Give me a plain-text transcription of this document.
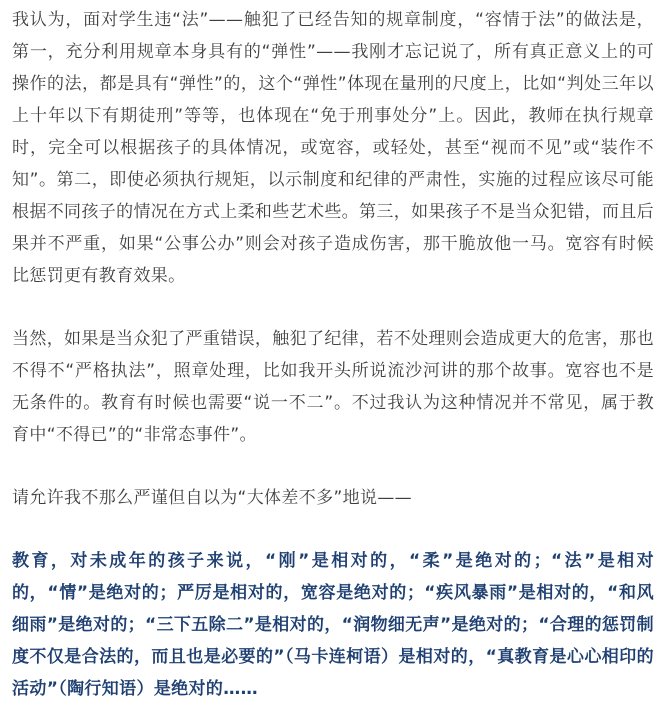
我认为，面对学生违“法”——触犯了已经告知的规章制度，“容情于法”的做法是，第一，充分利用规章本身具有的“弹性”——我刚才忘记说了，所有真正意义上的可操作的法，都是具有“弹性”的，这个“弹性”体现在量刑的尺度上，比如“判处三年以上十年以下有期徒刑”等等，也体现在“免于刑事处分”上。因此，教师在执行规章时，完全可以根据孩子的具体情况，或宽容，或轻处，甚至“视而不见”或“装作不知”。第二，即使必须执行规矩，以示制度和纪律的严肃性，实施的过程应该尽可能根据不同孩子的情况在方式上柔和些艺术些。第三，如果孩子不是当众犯错，而且后果并不严重，如果“公事公办”则会对孩子造成伤害，那干脆放他一马。宽容有时候比惩罚更有教育效果。

当然，如果是当众犯了严重错误，触犯了纪律，若不处理则会造成更大的危害，那也不得不“严格执法”，照章处理，比如我开头所说流沙河讲的那个故事。宽容也不是无条件的。教育有时候也需要“说一不二”。不过我认为这种情况并不常见，属于教育中“不得已”的“非常态事件”。

请允许我不那么严谨但自以为“大体差不多”地说——

教育，对未成年的孩子来说，“刚”是相对的，“柔”是绝对的；“法”是相对的，“情”是绝对的；严厉是相对的，宽容是绝对的；“疾风暴雨”是相对的，“和风细雨”是绝对的；“三下五除二”是相对的，“润物细无声”是绝对的；“合理的惩罚制度不仅是合法的，而且也是必要的”（马卡连柯语）是相对的，“真教育是心心相印的活动”（陶行知语）是绝对的……
